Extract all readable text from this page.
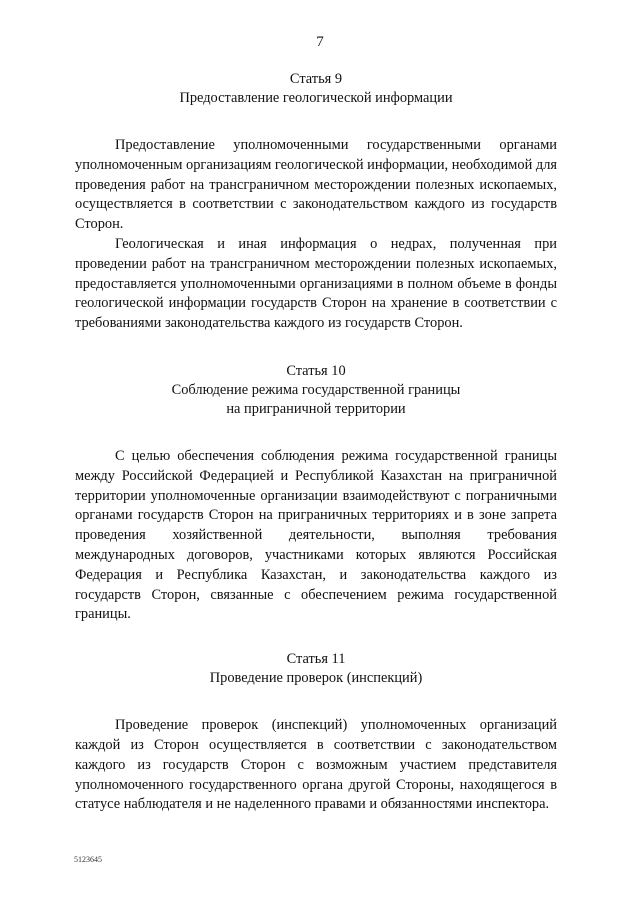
7

Статья 9

Предоставление геологической информации

Предоставление уполномоченными государственными органами уполномоченным организациям геологической информации, необходимой для проведения работ на трансграничном месторождении полезных ископаемых, осуществляется в соответствии с законодательством каждого из государств Сторон.

Геологическая и иная информация о недрах, полученная при проведении работ на трансграничном месторождении полезных ископаемых, предоставляется уполномоченными организациями в полном объеме в фонды геологической информации государств Сторон на хранение в соответствии с требованиями законодательства каждого из государств Сторон.

Статья 10

Соблюдение режима государственной границы
на приграничной территории

С целью обеспечения соблюдения режима государственной границы между Российской Федерацией и Республикой Казахстан на приграничной территории уполномоченные организации взаимодействуют с пограничными органами государств Сторон на приграничных территориях и в зоне запрета проведения хозяйственной деятельности, выполняя требования международных договоров, участниками которых являются Российская Федерация и Республика Казахстан, и законодательства каждого из государств Сторон, связанные с обеспечением режима государственной границы.

Статья 11

Проведение проверок (инспекций)

Проведение проверок (инспекций) уполномоченных организаций каждой из Сторон осуществляется в соответствии с законодательством каждого из государств Сторон с возможным участием представителя уполномоченного государственного органа другой Стороны, находящегося в статусе наблюдателя и не наделенного правами и обязанностями инспектора.

5123645
